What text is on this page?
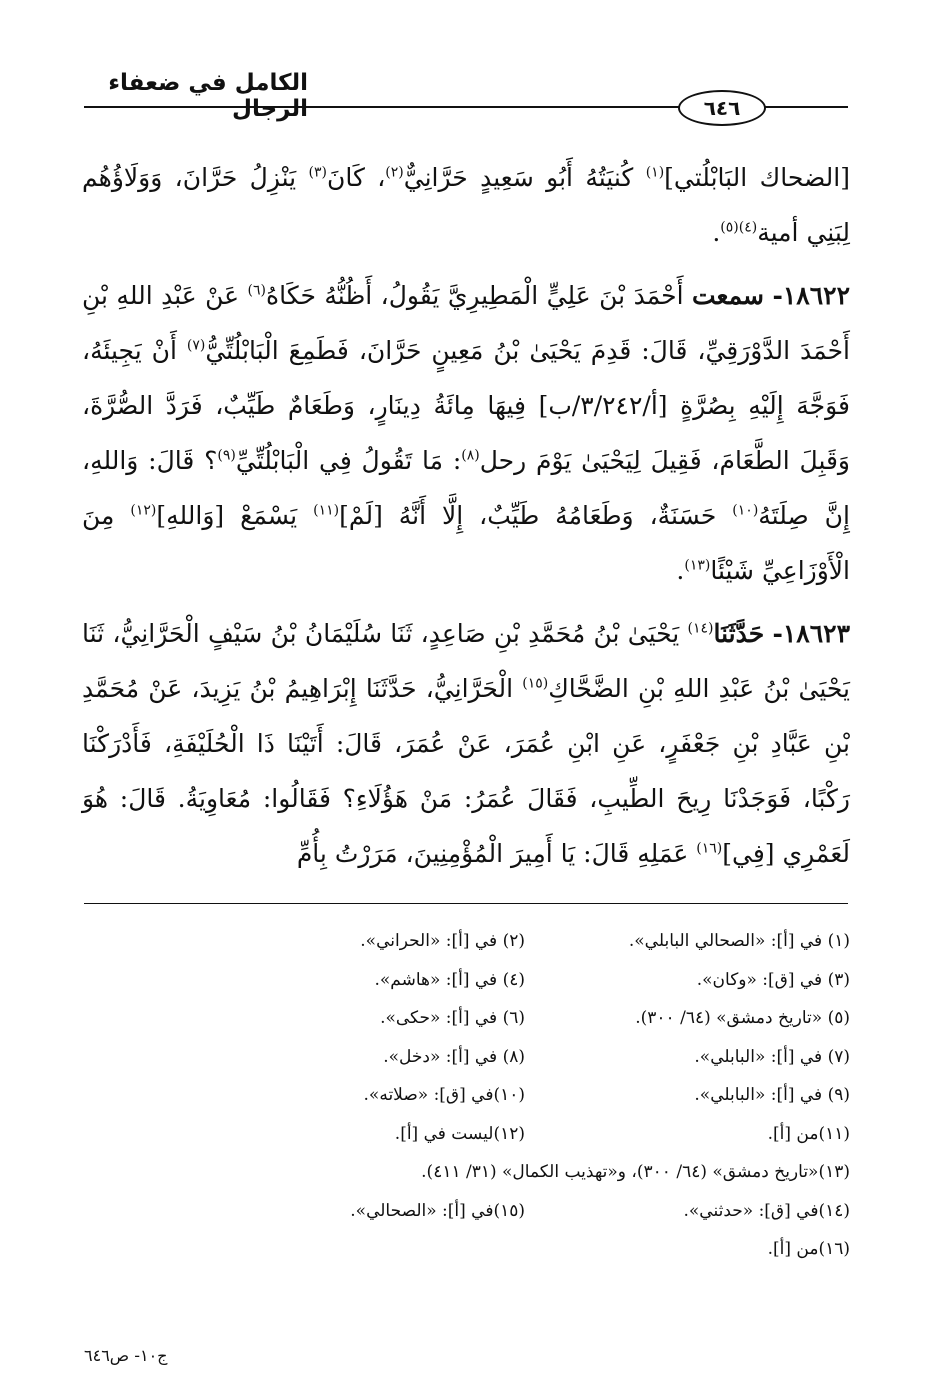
الكامل في ضعفاء الرجال	٦٤٦

[الضحاك البَابْلُتي]$^{(١)}$ كُنيَتُهُ أَبُو سَعِيدٍ حَرَّانِيٌّ$^{(٢)}$، كَانَ$^{(٣)}$ يَنْزِلُ حَرَّانَ، وَوَلَاؤُهُم لِبَنِي أمية$^{(٤)(٥)}$.

١٨٦٢٢- سمعت أَحْمَدَ بْنَ عَلِيٍّ الْمَطِيرِيَّ يَقُولُ، أَظُنُّهُ حَكَاهُ$^{(٦)}$ عَنْ عَبْدِ اللهِ بْنِ أَحْمَدَ الدَّوْرَقِيِّ، قَالَ: قَدِمَ يَحْيَىٰ بْنُ مَعِينٍ حَرَّانَ، فَطَمِعَ الْبَابْلُتِّيُّ$^{(٧)}$ أَنْ يَجِيئَهُ، فَوَجَّهَ إِلَيْهِ بِصُرَّةٍ [أ/٣/٢٤٢/ب] فِيهَا مِائَةُ دِينَارٍ، وَطَعَامٌ طَيِّبٌ، فَرَدَّ الصُّرَّةَ، وَقَبِلَ الطَّعَامَ، فَقِيلَ لِيَحْيَىٰ يَوْمَ رحل$^{(٨)}$: مَا تَقُولُ فِي الْبَابْلُتِّيِّ$^{(٩)}$؟ قَالَ: وَاللهِ، إِنَّ صِلَتَهُ$^{(١٠)}$ حَسَنَةٌ، وَطَعَامُهُ طَيِّبٌ، إِلَّا أَنَّهُ [لَمْ]$^{(١١)}$ يَسْمَعْ [وَاللهِ]$^{(١٢)}$ مِنَ الْأَوْزَاعِيِّ شَيْئًا$^{(١٣)}$.

١٨٦٢٣- حَدَّثَنَا$^{(١٤)}$ يَحْيَىٰ بْنُ مُحَمَّدِ بْنِ صَاعِدٍ، ثَنَا سُلَيْمَانُ بْنُ سَيْفٍ الْحَرَّانِيُّ، ثَنَا يَحْيَىٰ بْنُ عَبْدِ اللهِ بْنِ الضَّحَّاكِ$^{(١٥)}$ الْحَرَّانِيُّ، حَدَّثَنَا إِبْرَاهِيمُ بْنُ يَزِيدَ، عَنْ مُحَمَّدِ بْنِ عَبَّادِ بْنِ جَعْفَرٍ، عَنِ ابْنِ عُمَرَ، عَنْ عُمَرَ، قَالَ: أَتَيْنَا ذَا الْحُلَيْفَةِ، فَأَدْرَكْنَا رَكْبًا، فَوَجَدْنَا رِيحَ الطِّيبِ، فَقَالَ عُمَرُ: مَنْ هَؤُلَاءِ؟ فَقَالُوا: مُعَاوِيَةُ. قَالَ: هُوَ لَعَمْرِي [فِي]$^{(١٦)}$ عَمَلِهِ قَالَ: يَا أَمِيرَ الْمُؤْمِنِينَ، مَرَرْتُ بِأُمِّ

(١) في [أ]: «الصحالي البابلي».
(٢) في [أ]: «الحراني».
(٣) في [ق]: «وكان».
(٤) في [أ]: «هاشم».
(٥) «تاريخ دمشق» (٦٤/ ٣٠٠).
(٦) في [أ]: «حكى».
(٧) في [أ]: «البابلي».
(٨) في [أ]: «دخل».
(٩) في [أ]: «البابلي».
(١٠)في [ق]: «صلاته».
(١١)من [أ].
(١٢)ليست في [أ].
(١٣)«تاريخ دمشق» (٦٤/ ٣٠٠)، و«تهذيب الكمال» (٣١/ ٤١١).
(١٤)في [ق]: «حدثني».
(١٥)في [أ]: «الصحالي».
(١٦)من [أ].
ج١٠- ص٦٤٦
